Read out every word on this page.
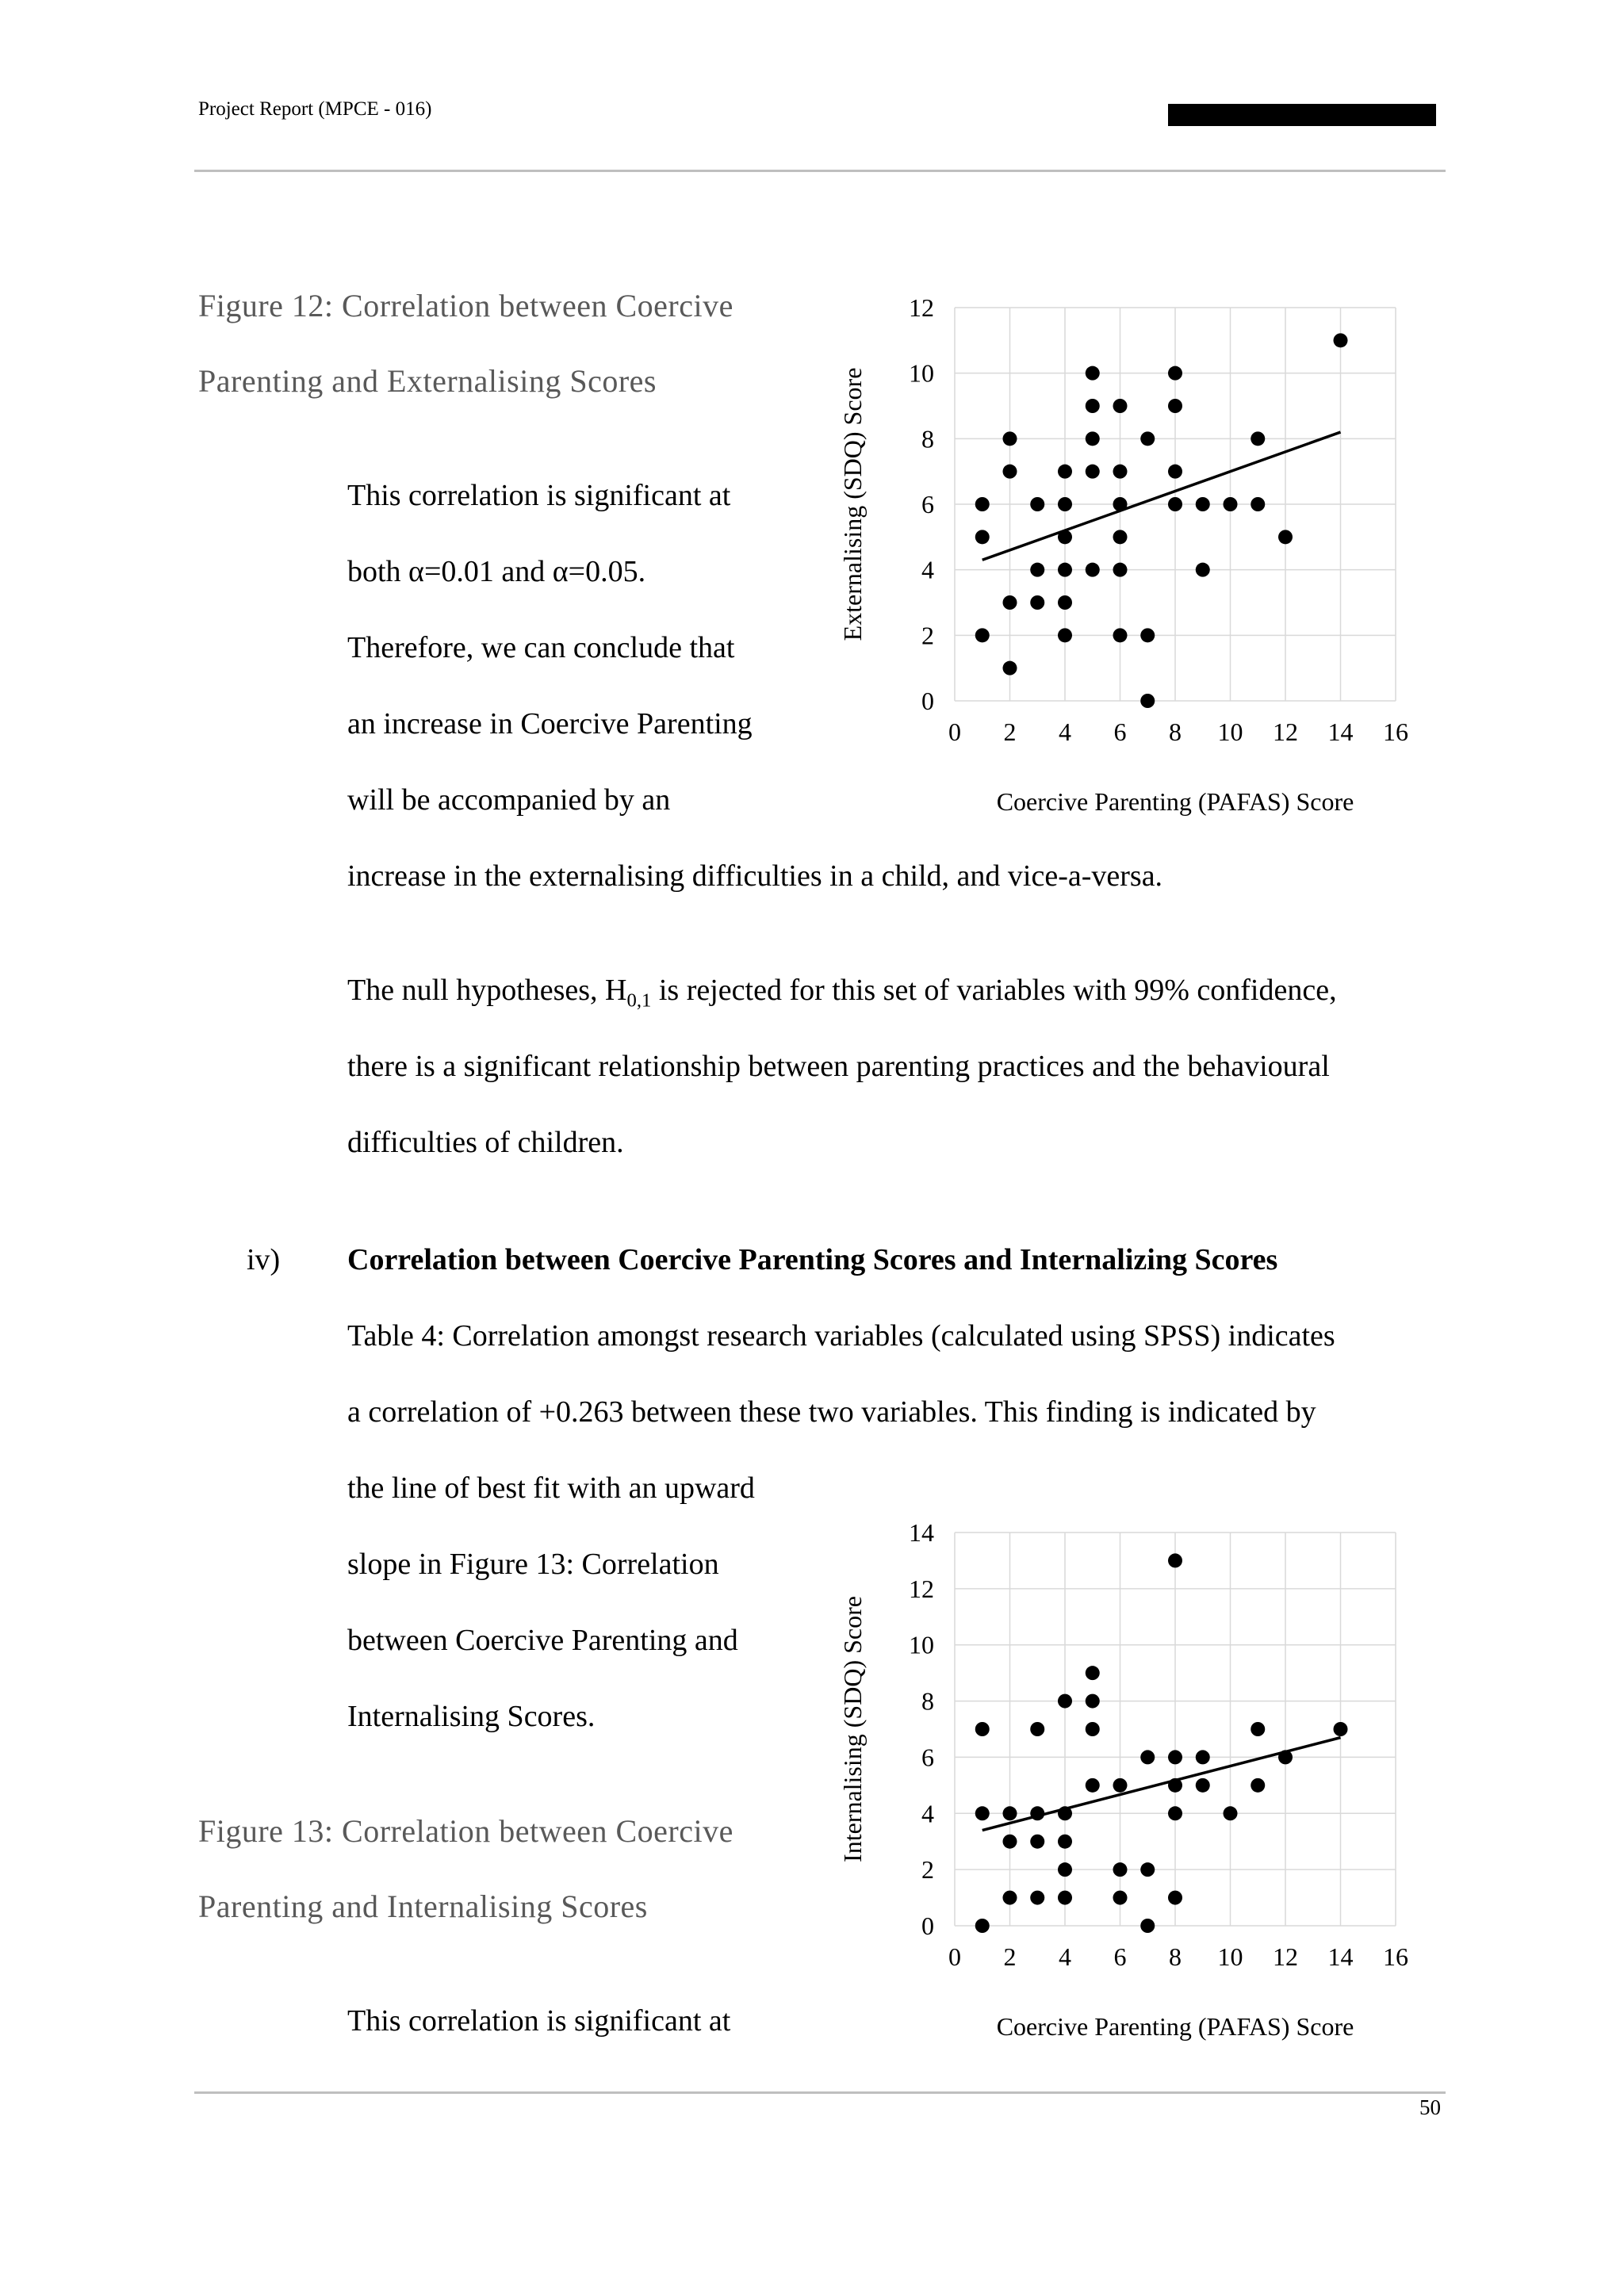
Project Report (MPCE - 016)
Figure 12: Correlation between Coercive
Parenting and Externalising Scores
This correlation is significant at
both α=0.01 and α=0.05.
Therefore, we can conclude that
an increase in Coercive Parenting
will be accompanied by an
increase in the externalising difficulties in a child, and vice-a-versa.
0 2 4 6 8 10 12 14 16
0
2
4
6
8
10
12
Coercive Parenting (PAFAS) Score
Externalising (SDQ) Score
The null hypotheses, $H_{0,1}$ is rejected for this set of variables with 99% confidence,
there is a significant relationship between parenting practices and the behavioural
difficulties of children.
iv) Correlation between Coercive Parenting Scores and Internalizing Scores
Table 4: Correlation amongst research variables (calculated using SPSS) indicates
a correlation of +0.263 between these two variables. This finding is indicated by
the line of best fit with an upward
slope in Figure 13: Correlation
between Coercive Parenting and
Internalising Scores.
0 2 4 6 8 10 12 14 16
0
2
4
6
8
10
12
14
Coercive Parenting (PAFAS) Score
Internalising (SDQ) Score
Figure 13: Correlation between Coercive
Parenting and Internalising Scores
This correlation is significant at
50
